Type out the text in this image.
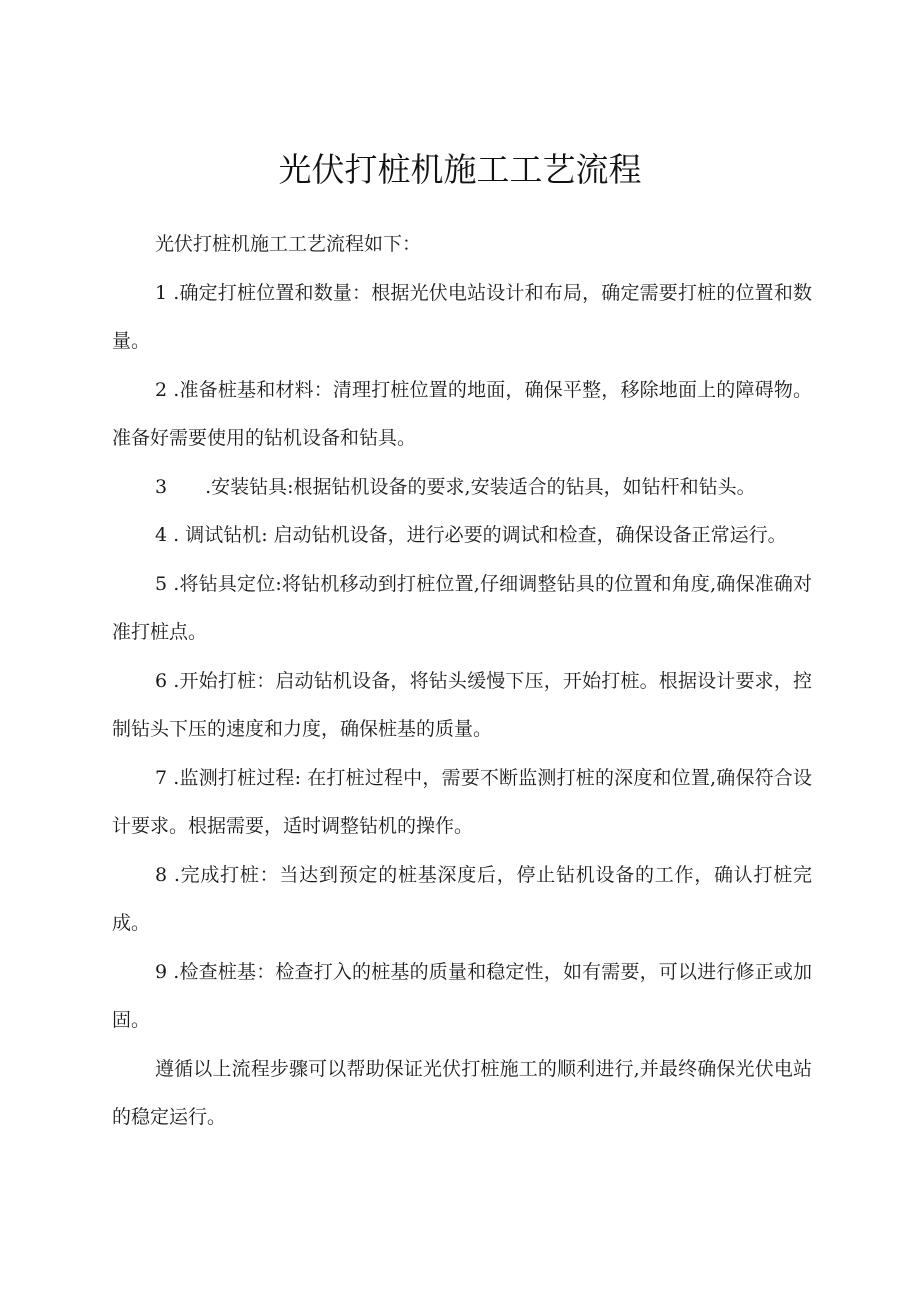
光伏打桩机施工工艺流程

光伏打桩机施工工艺流程如下：

1 .确定打桩位置和数量：根据光伏电站设计和布局，确定需要打桩的位置和数量。

2 .准备桩基和材料：清理打桩位置的地面，确保平整，移除地面上的障碍物。准备好需要使用的钻机设备和钻具。

3　　.安装钻具:根据钻机设备的要求,安装适合的钻具，如钻杆和钻头。

4 . 调试钻机: 启动钻机设备，进行必要的调试和检查，确保设备正常运行。

5 .将钻具定位:将钻机移动到打桩位置,仔细调整钻具的位置和角度,确保准确对准打桩点。

6 .开始打桩：启动钻机设备，将钻头缓慢下压，开始打桩。根据设计要求，控制钻头下压的速度和力度，确保桩基的质量。

7 .监测打桩过程: 在打桩过程中，需要不断监测打桩的深度和位置,确保符合设计要求。根据需要，适时调整钻机的操作。

8 .完成打桩：当达到预定的桩基深度后，停止钻机设备的工作，确认打桩完成。

9 .检查桩基：检查打入的桩基的质量和稳定性，如有需要，可以进行修正或加固。

遵循以上流程步骤可以帮助保证光伏打桩施工的顺利进行,并最终确保光伏电站的稳定运行。
